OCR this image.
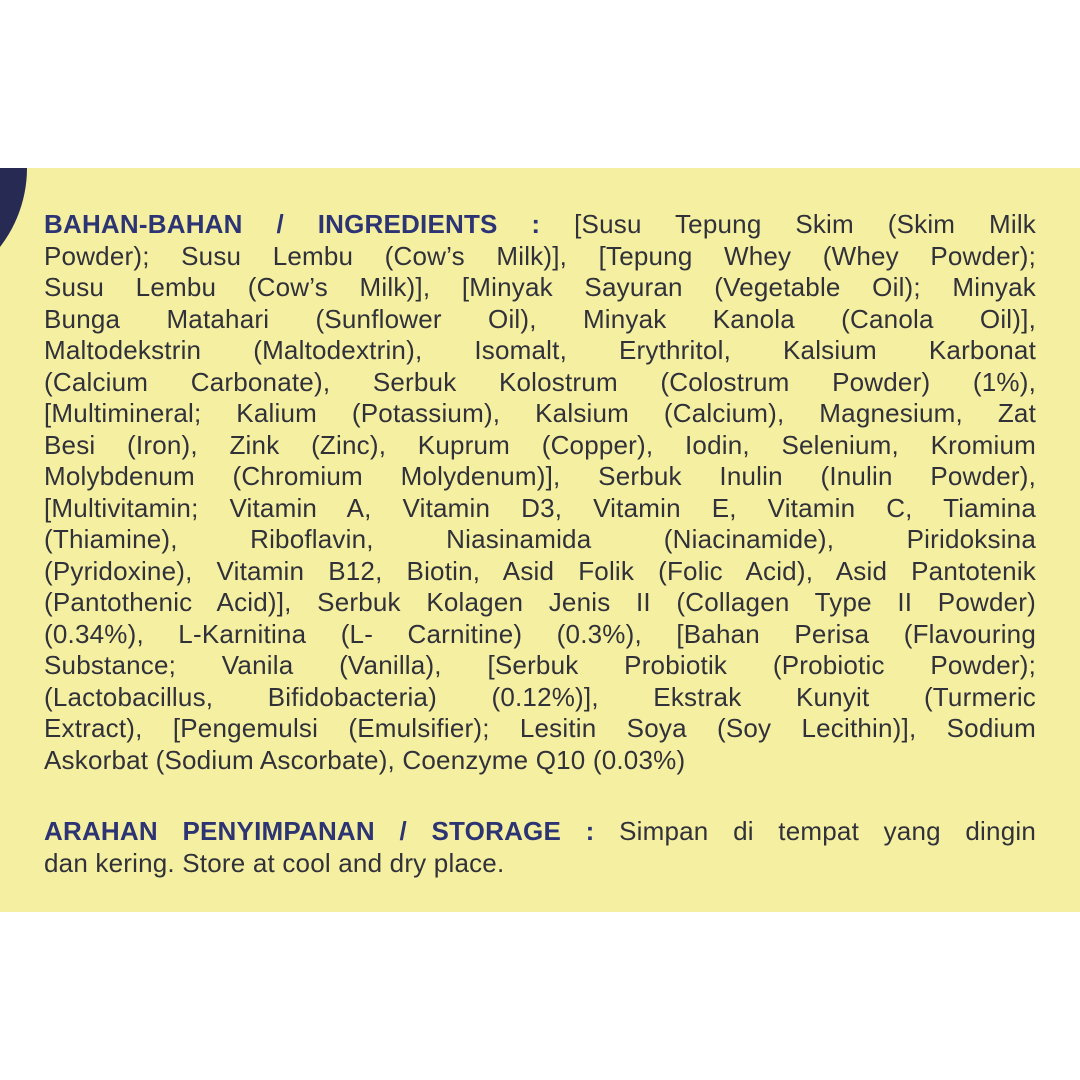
BAHAN-BAHAN / INGREDIENTS : [Susu Tepung Skim (Skim Milk
Powder); Susu Lembu (Cow’s Milk)], [Tepung Whey (Whey Powder);
Susu Lembu (Cow’s Milk)], [Minyak Sayuran (Vegetable Oil); Minyak
Bunga Matahari (Sunflower Oil), Minyak Kanola (Canola Oil)],
Maltodekstrin (Maltodextrin), Isomalt, Erythritol, Kalsium Karbonat
(Calcium Carbonate), Serbuk Kolostrum (Colostrum Powder) (1%),
[Multimineral; Kalium (Potassium), Kalsium (Calcium), Magnesium, Zat
Besi (Iron), Zink (Zinc), Kuprum (Copper), Iodin, Selenium, Kromium
Molybdenum (Chromium Molydenum)], Serbuk Inulin (Inulin Powder),
[Multivitamin; Vitamin A, Vitamin D3, Vitamin E, Vitamin C, Tiamina
(Thiamine), Riboflavin, Niasinamida (Niacinamide), Piridoksina
(Pyridoxine), Vitamin B12, Biotin, Asid Folik (Folic Acid), Asid Pantotenik
(Pantothenic Acid)], Serbuk Kolagen Jenis II (Collagen Type II Powder)
(0.34%), L-Karnitina (L- Carnitine) (0.3%), [Bahan Perisa (Flavouring
Substance; Vanila (Vanilla), [Serbuk Probiotik (Probiotic Powder);
(Lactobacillus, Bifidobacteria) (0.12%)], Ekstrak Kunyit (Turmeric
Extract), [Pengemulsi (Emulsifier); Lesitin Soya (Soy Lecithin)], Sodium
Askorbat (Sodium Ascorbate), Coenzyme Q10 (0.03%)
ARAHAN PENYIMPANAN / STORAGE : Simpan di tempat yang dingin
dan kering. Store at cool and dry place.
